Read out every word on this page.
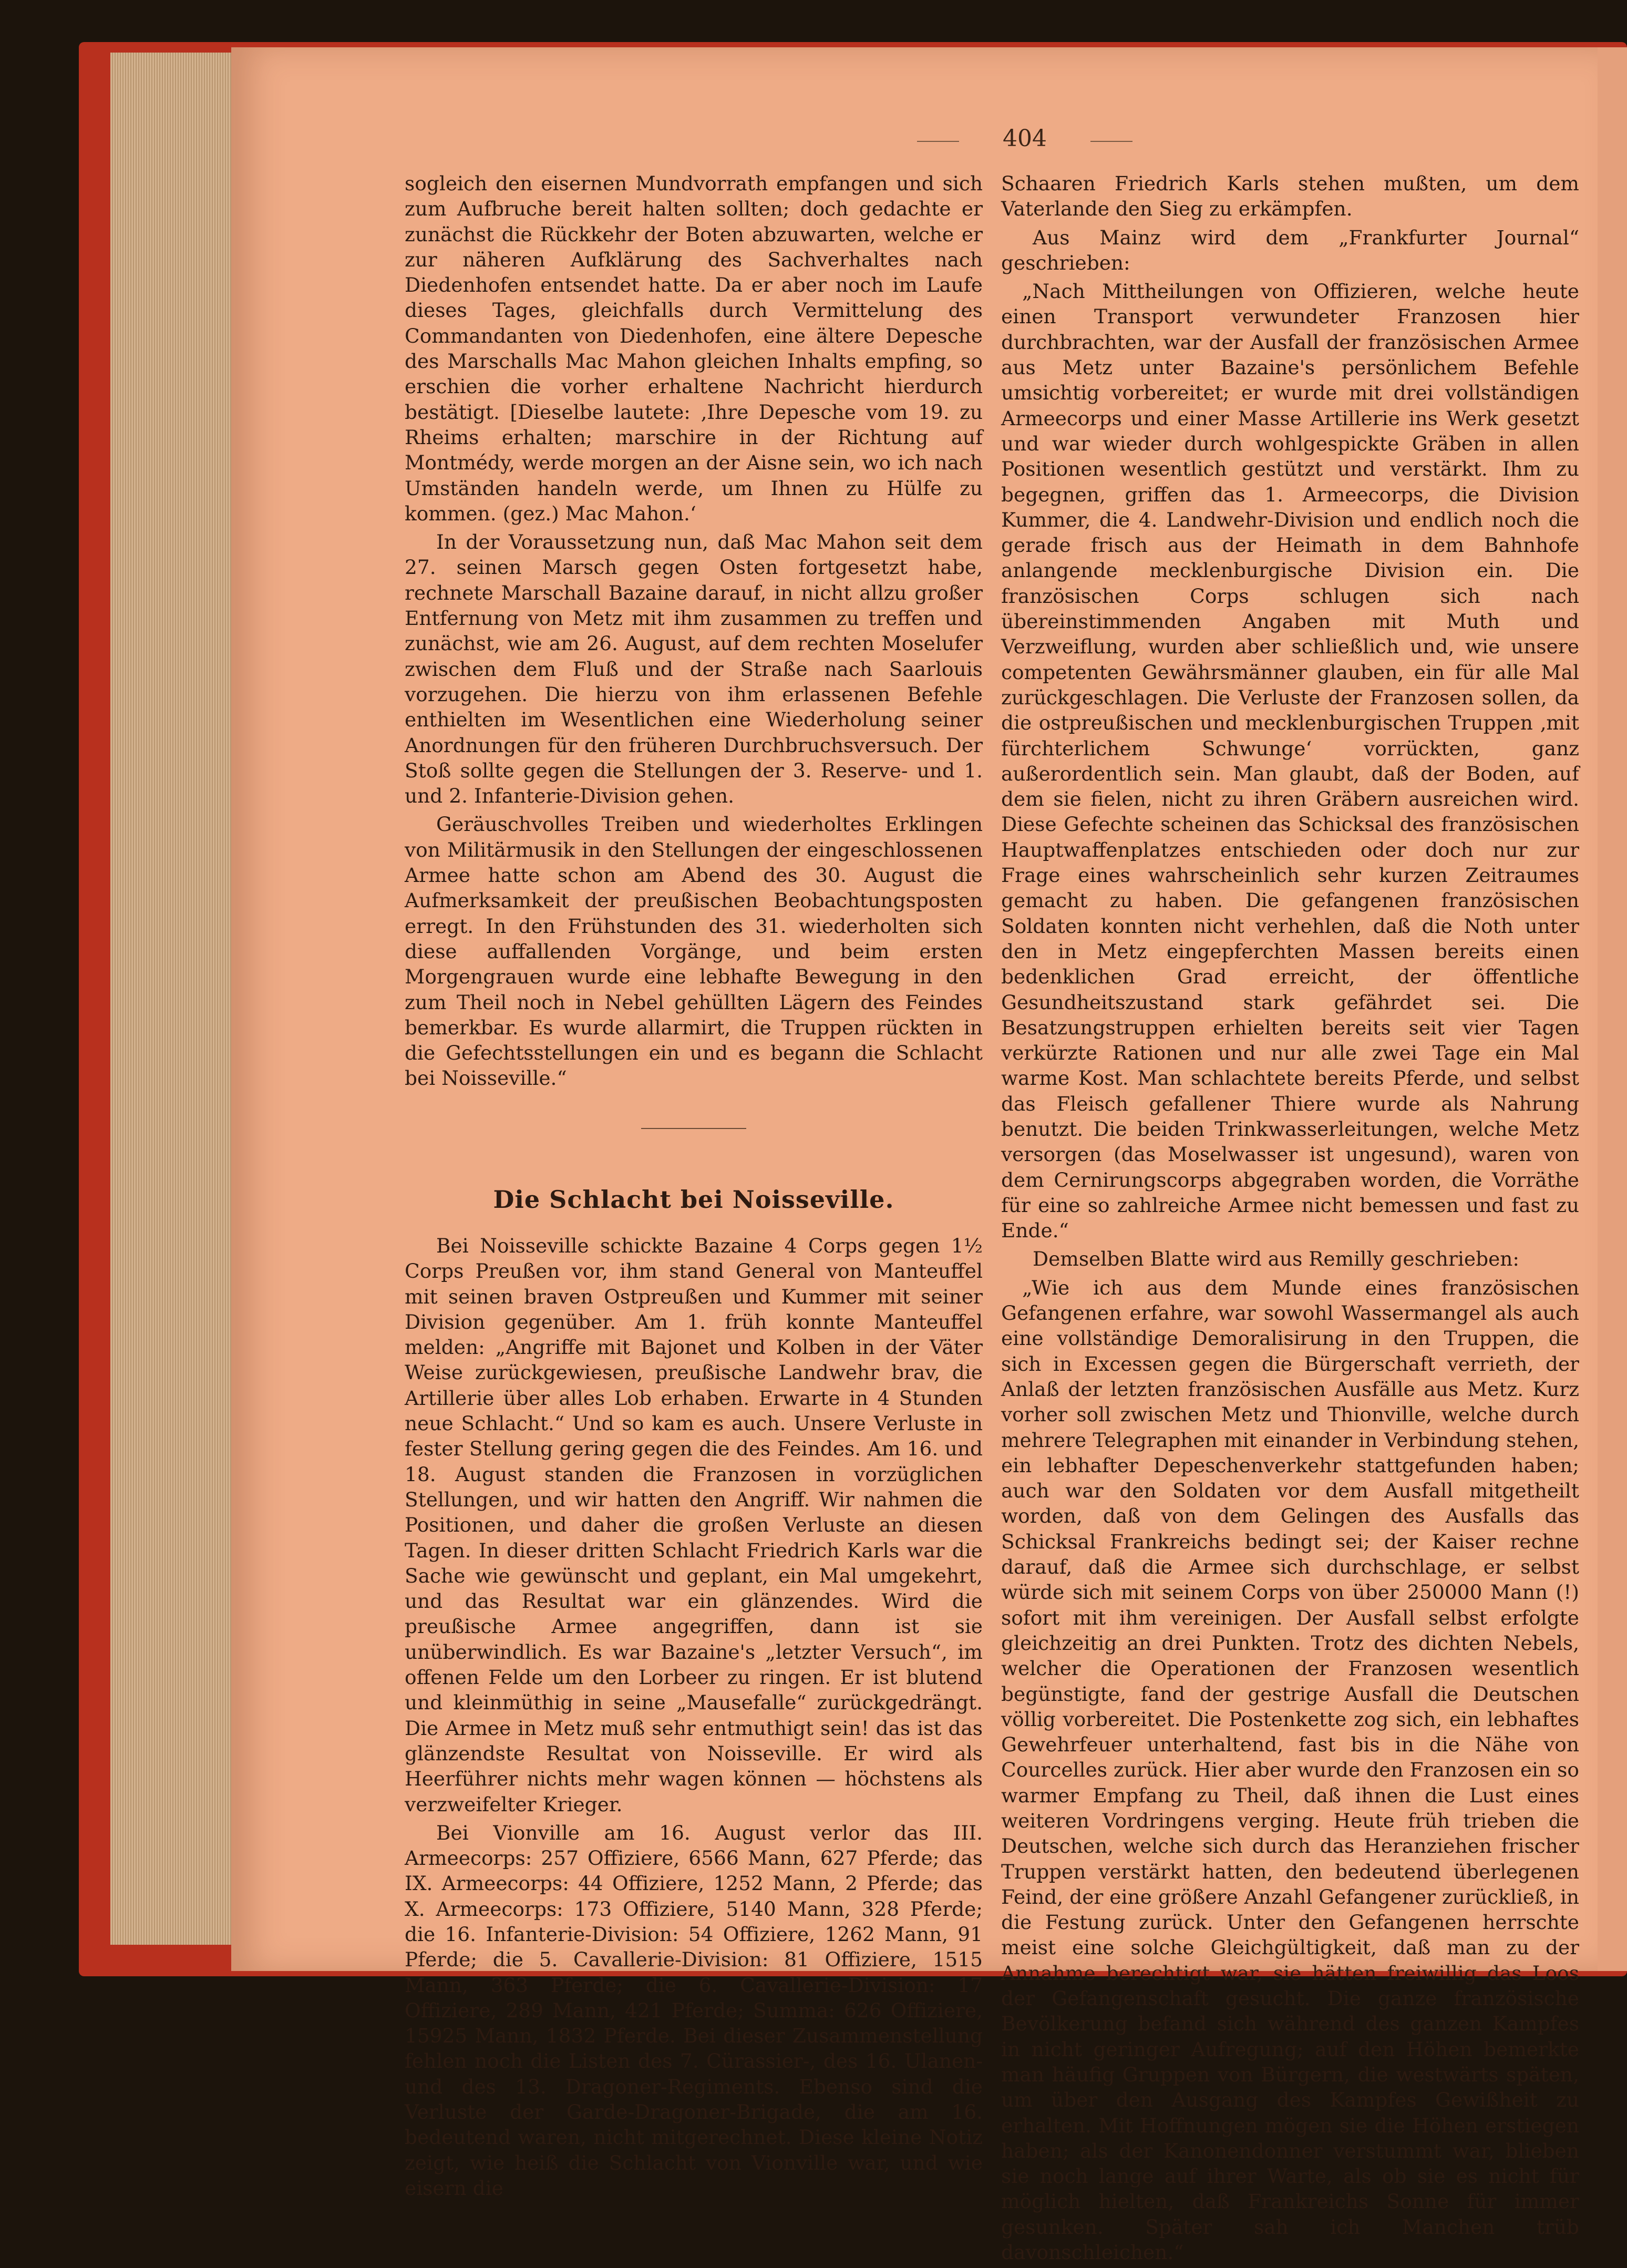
404

sogleich den eisernen Mundvorrath empfangen und sich zum Aufbruche bereit halten sollten; doch gedachte er zunächst die Rückkehr der Boten abzuwarten, welche er zur näheren Aufklärung des Sachverhaltes nach Diedenhofen entsendet hatte. Da er aber noch im Laufe dieses Tages, gleichfalls durch Vermittelung des Commandanten von Diedenhofen, eine ältere Depesche des Marschalls Mac Mahon gleichen Inhalts empfing, so erschien die vorher erhaltene Nachricht hierdurch bestätigt. [Dieselbe lautete: ‚Ihre Depesche vom 19. zu Rheims erhalten; marschire in der Richtung auf Montmédy, werde morgen an der Aisne sein, wo ich nach Umständen handeln werde, um Ihnen zu Hülfe zu kommen. (gez.) Mac Mahon.‘

In der Voraussetzung nun, daß Mac Mahon seit dem 27. seinen Marsch gegen Osten fortgesetzt habe, rechnete Marschall Bazaine darauf, in nicht allzu großer Entfernung von Metz mit ihm zusammen zu treffen und zunächst, wie am 26. August, auf dem rechten Moselufer zwischen dem Fluß und der Straße nach Saarlouis vorzugehen. Die hierzu von ihm erlassenen Befehle enthielten im Wesentlichen eine Wiederholung seiner Anordnungen für den früheren Durchbruchsversuch. Der Stoß sollte gegen die Stellungen der 3. Reserve- und 1. und 2. Infanterie-Division gehen.

Geräuschvolles Treiben und wiederholtes Erklingen von Militärmusik in den Stellungen der eingeschlossenen Armee hatte schon am Abend des 30. August die Aufmerksamkeit der preußischen Beobachtungsposten erregt. In den Frühstunden des 31. wiederholten sich diese auffallenden Vorgänge, und beim ersten Morgengrauen wurde eine lebhafte Bewegung in den zum Theil noch in Nebel gehüllten Lägern des Feindes bemerkbar. Es wurde allarmirt, die Truppen rückten in die Gefechtsstellungen ein und es begann die Schlacht bei Noisseville.“

Die Schlacht bei Noisseville.

Bei Noisseville schickte Bazaine 4 Corps gegen 1½ Corps Preußen vor, ihm stand General von Manteuffel mit seinen braven Ostpreußen und Kummer mit seiner Division gegenüber. Am 1. früh konnte Manteuffel melden: „Angriffe mit Bajonet und Kolben in der Väter Weise zurückgewiesen, preußische Landwehr brav, die Artillerie über alles Lob erhaben. Erwarte in 4 Stunden neue Schlacht.“ Und so kam es auch. Unsere Verluste in fester Stellung gering gegen die des Feindes. Am 16. und 18. August standen die Franzosen in vorzüglichen Stellungen, und wir hatten den Angriff. Wir nahmen die Positionen, und daher die großen Verluste an diesen Tagen. In dieser dritten Schlacht Friedrich Karls war die Sache wie gewünscht und geplant, ein Mal umgekehrt, und das Resultat war ein glänzendes. Wird die preußische Armee angegriffen, dann ist sie unüberwindlich. Es war Bazaine's „letzter Versuch“, im offenen Felde um den Lorbeer zu ringen. Er ist blutend und kleinmüthig in seine „Mausefalle“ zurückgedrängt. Die Armee in Metz muß sehr entmuthigt sein! das ist das glänzendste Resultat von Noisseville. Er wird als Heerführer nichts mehr wagen können — höchstens als verzweifelter Krieger.

Bei Vionville am 16. August verlor das III. Armeecorps: 257 Offiziere, 6566 Mann, 627 Pferde; das IX. Armeecorps: 44 Offiziere, 1252 Mann, 2 Pferde; das X. Armeecorps: 173 Offiziere, 5140 Mann, 328 Pferde; die 16. Infanterie-Division: 54 Offiziere, 1262 Mann, 91 Pferde; die 5. Cavallerie-Division: 81 Offiziere, 1515 Mann, 363 Pferde; die 6. Cavallerie-Division: 17 Offiziere, 289 Mann, 421 Pferde; Summa: 626 Offiziere, 15925 Mann, 1832 Pferde. Bei dieser Zusammenstellung fehlen noch die Listen des 7. Cürassier-, des 16. Ulanen- und des 13. Dragoner-Regiments. Ebenso sind die Verluste der Garde-Dragoner-Brigade, die am 16. bedeutend waren, nicht mitgerechnet. Diese kleine Notiz zeigt, wie heiß die Schlacht von Vionville war, und wie eisern die

Schaaren Friedrich Karls stehen mußten, um dem Vaterlande den Sieg zu erkämpfen.

Aus Mainz wird dem „Frankfurter Journal“ geschrieben:

„Nach Mittheilungen von Offizieren, welche heute einen Transport verwundeter Franzosen hier durchbrachten, war der Ausfall der französischen Armee aus Metz unter Bazaine's persönlichem Befehle umsichtig vorbereitet; er wurde mit drei vollständigen Armeecorps und einer Masse Artillerie ins Werk gesetzt und war wieder durch wohlgespickte Gräben in allen Positionen wesentlich gestützt und verstärkt. Ihm zu begegnen, griffen das 1. Armeecorps, die Division Kummer, die 4. Landwehr-Division und endlich noch die gerade frisch aus der Heimath in dem Bahnhofe anlangende mecklenburgische Division ein. Die französischen Corps schlugen sich nach übereinstimmenden Angaben mit Muth und Verzweiflung, wurden aber schließlich und, wie unsere competenten Gewährsmänner glauben, ein für alle Mal zurückgeschlagen. Die Verluste der Franzosen sollen, da die ostpreußischen und mecklenburgischen Truppen ‚mit fürchterlichem Schwunge‘ vorrückten, ganz außerordentlich sein. Man glaubt, daß der Boden, auf dem sie fielen, nicht zu ihren Gräbern ausreichen wird. Diese Gefechte scheinen das Schicksal des französischen Hauptwaffenplatzes entschieden oder doch nur zur Frage eines wahrscheinlich sehr kurzen Zeitraumes gemacht zu haben. Die gefangenen französischen Soldaten konnten nicht verhehlen, daß die Noth unter den in Metz eingepferchten Massen bereits einen bedenklichen Grad erreicht, der öffentliche Gesundheitszustand stark gefährdet sei. Die Besatzungstruppen erhielten bereits seit vier Tagen verkürzte Rationen und nur alle zwei Tage ein Mal warme Kost. Man schlachtete bereits Pferde, und selbst das Fleisch gefallener Thiere wurde als Nahrung benutzt. Die beiden Trinkwasserleitungen, welche Metz versorgen (das Moselwasser ist ungesund), waren von dem Cernirungscorps abgegraben worden, die Vorräthe für eine so zahlreiche Armee nicht bemessen und fast zu Ende.“

Demselben Blatte wird aus Remilly geschrieben:

„Wie ich aus dem Munde eines französischen Gefangenen erfahre, war sowohl Wassermangel als auch eine vollständige Demoralisirung in den Truppen, die sich in Excessen gegen die Bürgerschaft verrieth, der Anlaß der letzten französischen Ausfälle aus Metz. Kurz vorher soll zwischen Metz und Thionville, welche durch mehrere Telegraphen mit einander in Verbindung stehen, ein lebhafter Depeschenverkehr stattgefunden haben; auch war den Soldaten vor dem Ausfall mitgetheilt worden, daß von dem Gelingen des Ausfalls das Schicksal Frankreichs bedingt sei; der Kaiser rechne darauf, daß die Armee sich durchschlage, er selbst würde sich mit seinem Corps von über 250000 Mann (!) sofort mit ihm vereinigen. Der Ausfall selbst erfolgte gleichzeitig an drei Punkten. Trotz des dichten Nebels, welcher die Operationen der Franzosen wesentlich begünstigte, fand der gestrige Ausfall die Deutschen völlig vorbereitet. Die Postenkette zog sich, ein lebhaftes Gewehrfeuer unterhaltend, fast bis in die Nähe von Courcelles zurück. Hier aber wurde den Franzosen ein so warmer Empfang zu Theil, daß ihnen die Lust eines weiteren Vordringens verging. Heute früh trieben die Deutschen, welche sich durch das Heranziehen frischer Truppen verstärkt hatten, den bedeutend überlegenen Feind, der eine größere Anzahl Gefangener zurückließ, in die Festung zurück. Unter den Gefangenen herrschte meist eine solche Gleichgültigkeit, daß man zu der Annahme berechtigt war, sie hätten freiwillig das Loos der Gefangenschaft gesucht. Die ganze französische Bevölkerung befand sich während des ganzen Kampfes in nicht geringer Aufregung; auf den Höhen bemerkte man häufig Gruppen von Bürgern, die westwärts späten, um über den Ausgang des Kampfes Gewißheit zu erhalten. Mit Hoffnungen mögen sie die Höhen erstiegen haben; als der Kanonendonner verstummt war, blieben sie noch lange auf ihrer Warte, als ob sie es nicht für möglich hielten, daß Frankreichs Sonne für immer gesunken. Später sah ich Manchen trüb davonschleichen.“
